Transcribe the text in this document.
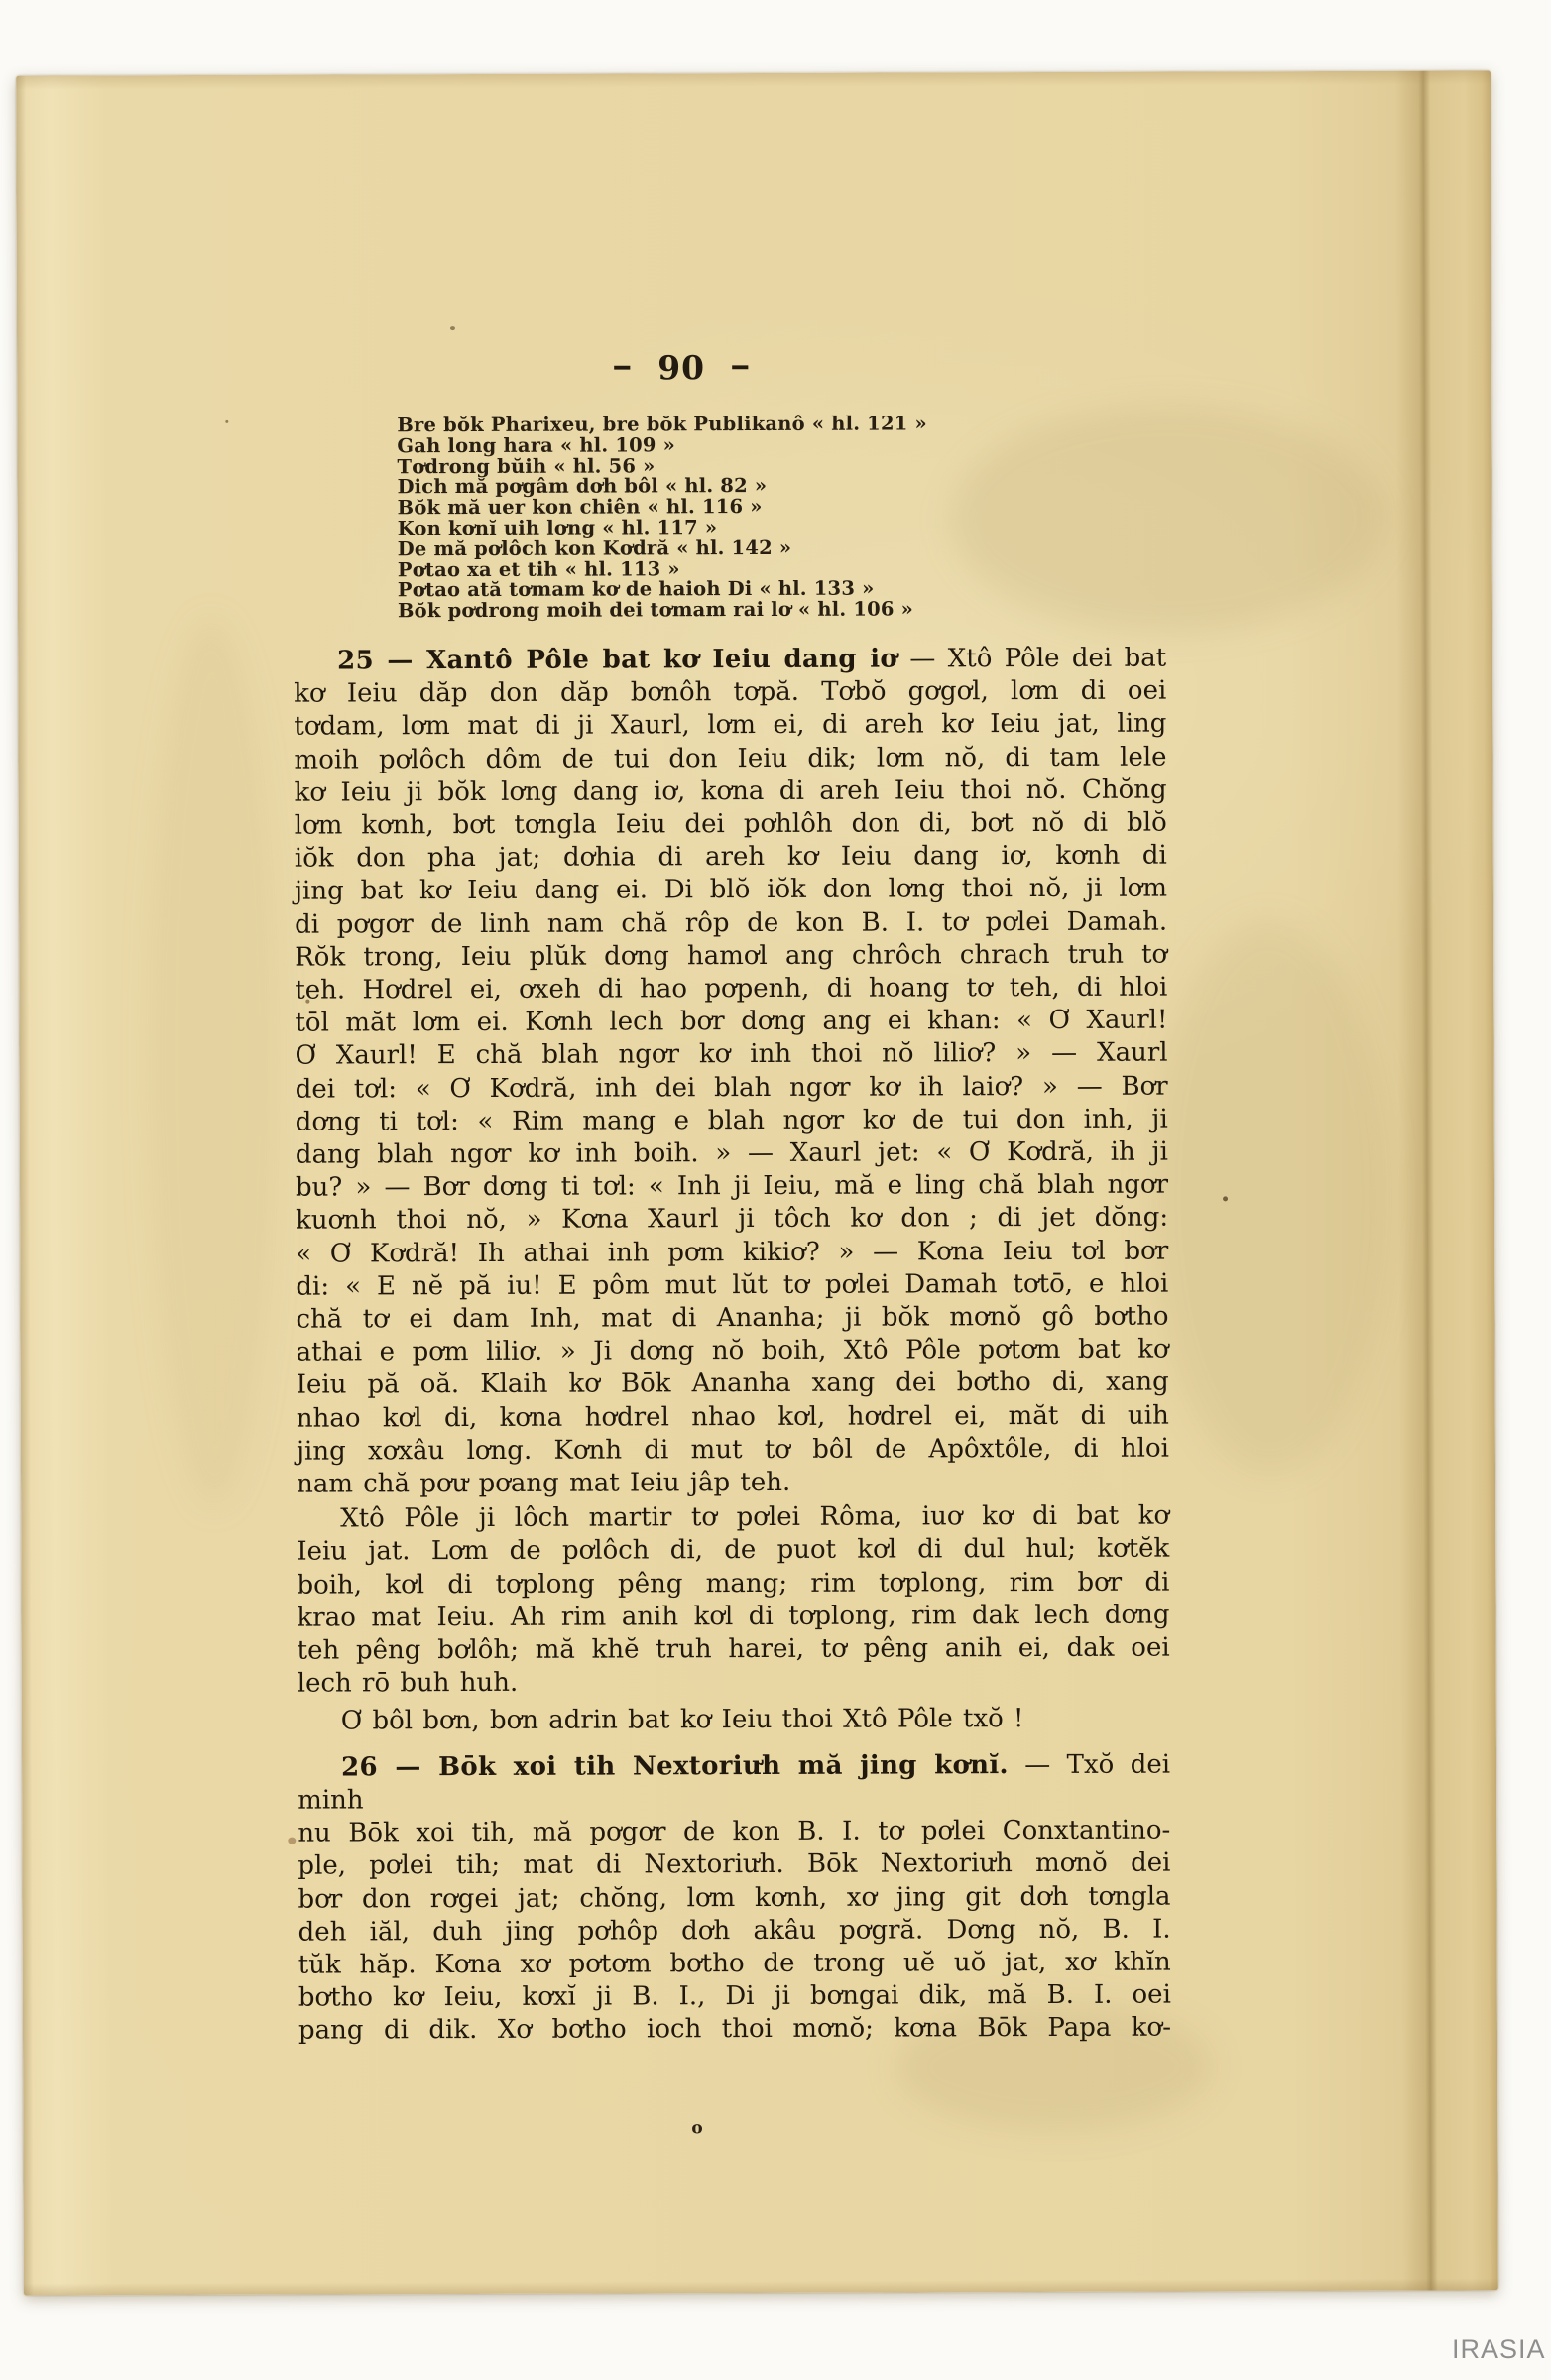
– 90 –
Bre bŏk Pharixeu, bre bŏk Publikanô « hl. 121 »
Gah long hara « hl. 109 »
Tơdrong bŭih « hl. 56 »
Dich mă pơgâm dơh bôl « hl. 82 »
Bŏk mă uer kon chiên « hl. 116 »
Kon kơnĭ uih lơng « hl. 117 »
De mă pơlôch kon Kơdră « hl. 142 »
Pơtao xa et tih « hl. 113 »
Pơtao ată tơmam kơ de haioh Di « hl. 133 »
Bŏk pơdrong moih dei tơmam rai lơ « hl. 106 »
25 — Xantô Pôle bat kơ Ieiu dang iơ — Xtô Pôle dei bat
kơ Ieiu dăp don dăp bơnôh tơpă. Tơbŏ gơgơl, lơm di oei
tơdam, lơm mat di ji Xaurl, lơm ei, di areh kơ Ieiu jat, ling
moih pơlôch dôm de tui don Ieiu dik; lơm nŏ, di tam lele
kơ Ieiu ji bŏk lơng dang iơ, kơna di areh Ieiu thoi nŏ. Chŏng
lơm kơnh, bơt tơngla Ieiu dei pơhlôh don di, bơt nŏ di blŏ
iŏk don pha jat; dơhia di areh kơ Ieiu dang iơ, kơnh di
jing bat kơ Ieiu dang ei. Di blŏ iŏk don lơng thoi nŏ, ji lơm
di pơgơr de linh nam chă rôp de kon B. I. tơ pơlei Damah.
Rŏk trong, Ieiu plŭk dơng hamơl ang chrôch chrach truh tơ
teh. Hơdrel ei, ơxeh di hao pơpenh, di hoang tơ teh, di hloi
tōl măt lơm ei. Kơnh lech bơr dơng ang ei khan: « Ơ Xaurl!
Ơ Xaurl! E chă blah ngơr kơ inh thoi nŏ liliơ? » — Xaurl
dei tơl: « Ơ Kơdră, inh dei blah ngơr kơ ih laiơ? » — Bơr
dơng ti tơl: « Rim mang e blah ngơr kơ de tui don inh, ji
dang blah ngơr kơ inh boih. » — Xaurl jet: « Ơ Kơdră, ih ji
bu? » — Bơr dơng ti tơl: « Inh ji Ieiu, mă e ling chă blah ngơr
kuơnh thoi nŏ, » Kơna Xaurl ji tôch kơ don ; di jet dŏng:
« Ơ Kơdră! Ih athai inh pơm kikiơ? » — Kơna Ieiu tơl bơr
di: « E nĕ pă iu! E pôm mut lŭt tơ pơlei Damah tơtō, e hloi
chă tơ ei dam Inh, mat di Ananha; ji bŏk mơnŏ gô bơtho
athai e pơm liliơ. » Ji dơng nŏ boih, Xtô Pôle pơtơm bat kơ
Ieiu pă oă. Klaih kơ Bōk Ananha xang dei bơtho di, xang
nhao kơl di, kơna hơdrel nhao kơl, hơdrel ei, măt di uih
jing xơxâu lơng. Kơnh di mut tơ bôl de Apôxtôle, di hloi
nam chă pơư pơang mat Ieiu jâp teh.
Xtô Pôle ji lôch martir tơ pơlei Rôma, iuơ kơ di bat kơ
Ieiu jat. Lơm de pơlôch di, de puot kơl di dul hul; kơtĕk
boih, kơl di tơplong pêng mang; rim tơplong, rim bơr di
krao mat Ieiu. Ah rim anih kơl di tơplong, rim dak lech dơng
teh pêng bơlôh; mă khĕ truh harei, tơ pêng anih ei, dak oei
lech rō buh huh.
Ơ bôl bơn, bơn adrin bat kơ Ieiu thoi Xtô Pôle txŏ !
26 — Bōk xoi tih Nextoriưh mă jing kơnĭ. — Txŏ dei minh
nu Bōk xoi tih, mă pơgơr de kon B. I. tơ pơlei Conxtantino-
ple, pơlei tih; mat di Nextoriưh. Bōk Nextoriưh mơnŏ dei
bơr don rơgei jat; chŏng, lơm kơnh, xơ jing git dơh tơngla
deh iăl, duh jing pơhôp dơh akâu pơgră. Dơng nŏ, B. I.
tŭk hăp. Kơna xơ pơtơm bơtho de trong uĕ uŏ jat, xơ khĭn
bơtho kơ Ieiu, kơxĭ ji B. I., Di ji bơngai dik, mă B. I. oei
pang di dik. Xơ bơtho ioch thoi mơnŏ; kơna Bōk Papa kơ-
o
IRASIA
